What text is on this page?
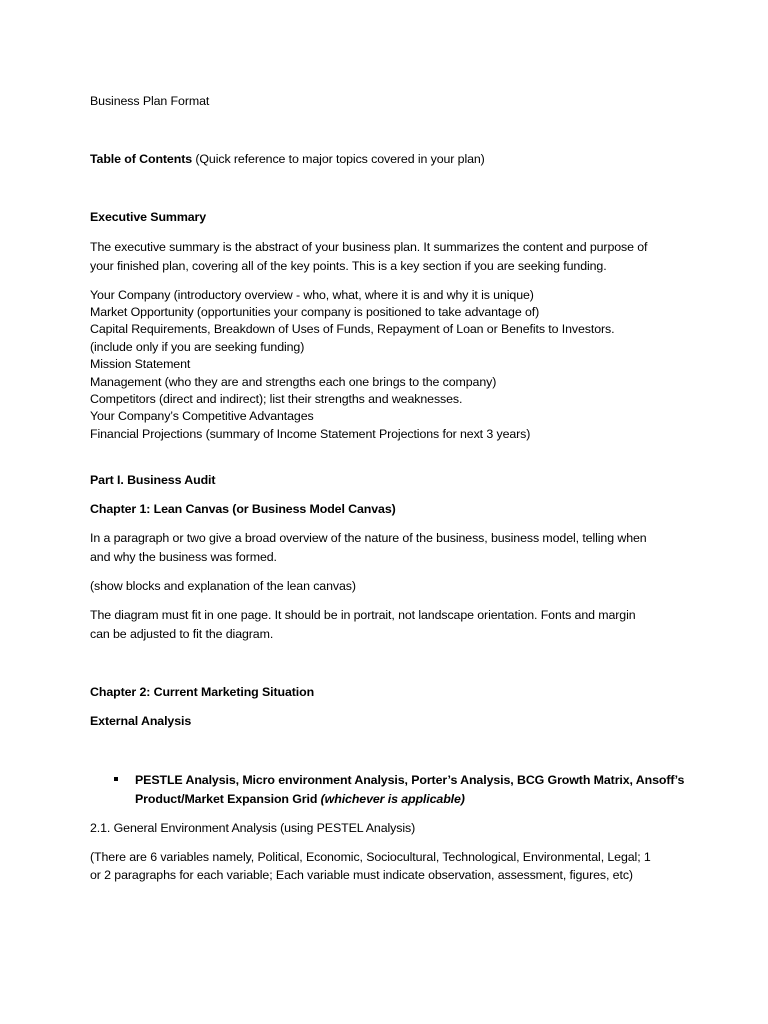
Business Plan Format
Table of Contents (Quick reference to major topics covered in your plan)
Executive Summary
The executive summary is the abstract of your business plan. It summarizes the content and purpose of
your finished plan, covering all of the key points. This is a key section if you are seeking funding.
Your Company (introductory overview - who, what, where it is and why it is unique)
Market Opportunity (opportunities your company is positioned to take advantage of)
Capital Requirements, Breakdown of Uses of Funds, Repayment of Loan or Benefits to Investors.
(include only if you are seeking funding)
Mission Statement
Management (who they are and strengths each one brings to the company)
Competitors (direct and indirect); list their strengths and weaknesses.
Your Company’s Competitive Advantages
Financial Projections (summary of Income Statement Projections for next 3 years)
Part I. Business Audit
Chapter 1: Lean Canvas (or Business Model Canvas)
In a paragraph or two give a broad overview of the nature of the business, business model, telling when
and why the business was formed.
(show blocks and explanation of the lean canvas)
The diagram must fit in one page. It should be in portrait, not landscape orientation. Fonts and margin
can be adjusted to fit the diagram.
Chapter 2: Current Marketing Situation
External Analysis
PESTLE Analysis, Micro environment Analysis, Porter’s Analysis, BCG Growth Matrix, Ansoff’s
Product/Market Expansion Grid (whichever is applicable)
2.1. General Environment Analysis (using PESTEL Analysis)
(There are 6 variables namely, Political, Economic, Sociocultural, Technological, Environmental, Legal; 1
or 2 paragraphs for each variable; Each variable must indicate observation, assessment, figures, etc)
